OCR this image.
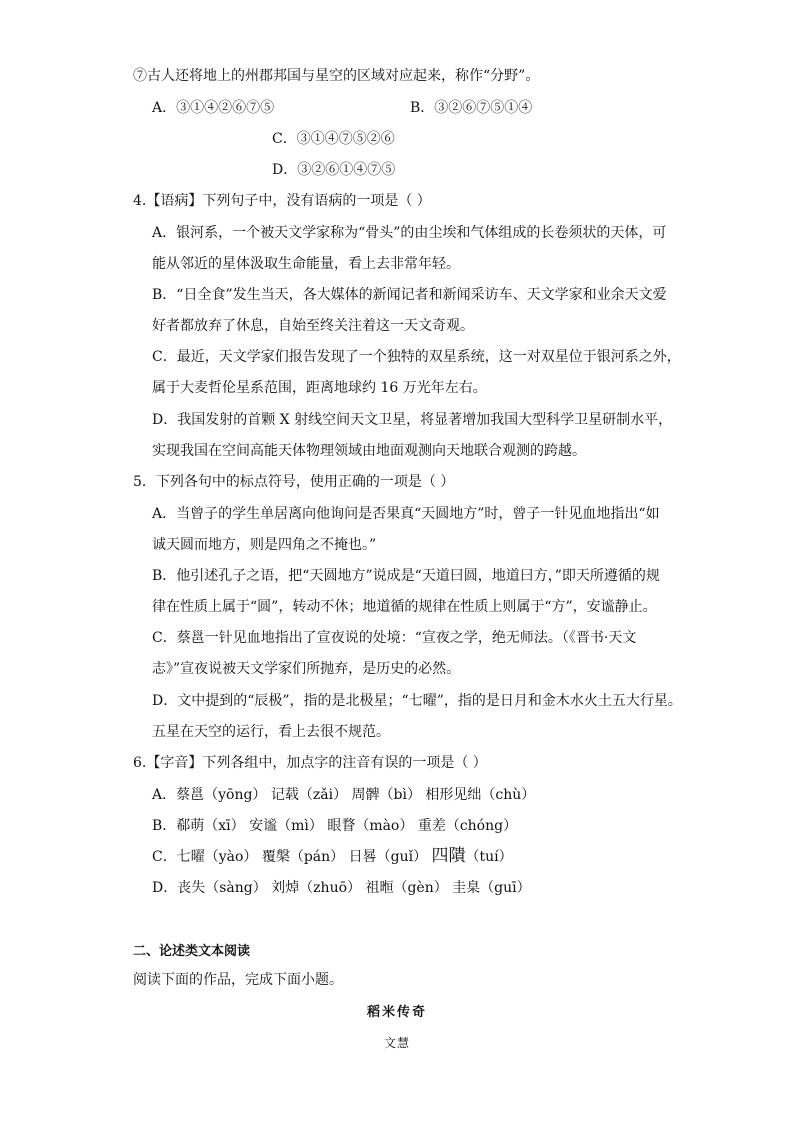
⑦古人还将地上的州郡邦国与星空的区域对应起来，称作“分野”。
A．③①④②⑥⑦⑤	B．③②⑥⑦⑤①④
C．③①④⑦⑤②⑥
D．③②⑥①④⑦⑤
4.【语病】下列句子中，没有语病的一项是（ ）
A．银河系，一个被天文学家称为“骨头”的由尘埃和气体组成的长卷须状的天体，可
能从邻近的星体汲取生命能量，看上去非常年轻。
B．“日全食”发生当天，各大媒体的新闻记者和新闻采访车、天文学家和业余天文爱
好者都放弃了休息，自始至终关注着这一天文奇观。
C．最近，天文学家们报告发现了一个独特的双星系统，这一对双星位于银河系之外，
属于大麦哲伦星系范围，距离地球约 16 万光年左右。
D．我国发射的首颗 X 射线空间天文卫星，将显著增加我国大型科学卫星研制水平，
实现我国在空间高能天体物理领域由地面观测向天地联合观测的跨越。
5．下列各句中的标点符号，使用正确的一项是（ ）
A．当曾子的学生单居离向他询问是否果真“天圆地方”时，曾子一针见血地指出“如
诚天圆而地方，则是四角之不掩也。”
B．他引述孔子之语，把“天圆地方”说成是“天道曰圆，地道曰方，”即天所遵循的规
律在性质上属于“圆”，转动不休；地道循的规律在性质上则属于“方”，安谧静止。
C．蔡邕一针见血地指出了宣夜说的处境：“宣夜之学，绝无师法。（《晋书·天文
志》”宣夜说被天文学家们所抛弃，是历史的必然。
D．文中提到的“辰极”，指的是北极星；“七曜”，指的是日月和金木水火土五大行星。
五星在天空的运行，看上去很不规范。
6.【字音】下列各组中，加点字的注音有误的一项是（ ）
A．蔡邕（yōng） 记载（zǎi） 周髀（bì） 相形见绌（chù）
B．郗萌（xī） 安谧（mì） 眼瞀（mào） 重差（chóng）
C．七曜（yào） 覆槃（pán） 日晷（guǐ） 四隤（tuí）
D．丧失（sàng） 刘焯（zhuō） 祖暅（gèn） 圭臬（guī）
二、论述类文本阅读
阅读下面的作品，完成下面小题。
稻米传奇
文慧
